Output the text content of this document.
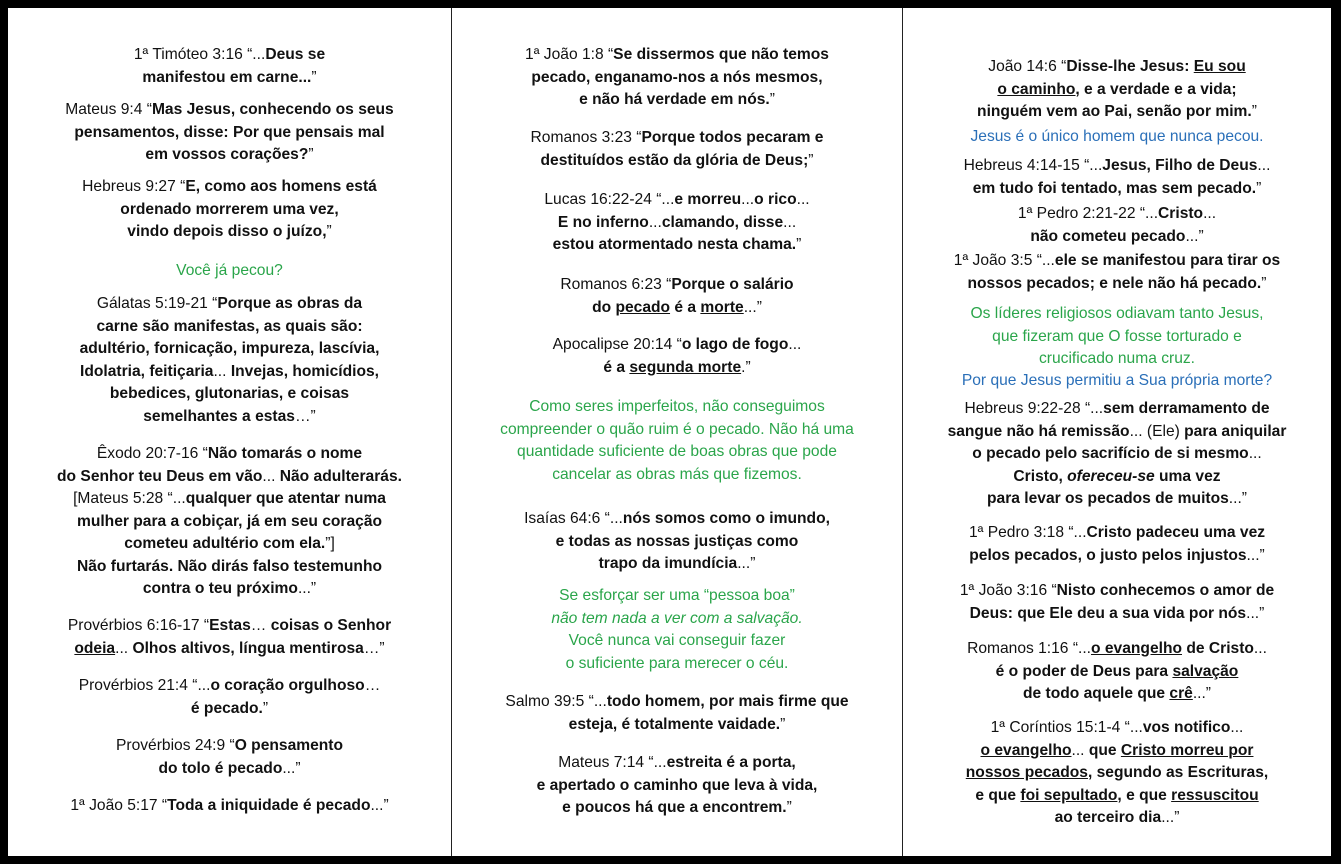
1ª Timóteo 3:16 “...Deus se
manifestou em carne...”
Mateus 9:4 “Mas Jesus, conhecendo os seus
pensamentos, disse: Por que pensais mal
em vossos corações?”
Hebreus 9:27 “E, como aos homens está
ordenado morrerem uma vez,
vindo depois disso o juízo,”
Você já pecou?
Gálatas 5:19-21 “Porque as obras da
carne são manifestas, as quais são:
adultério, fornicação, impureza, lascívia,
Idolatria, feitiçaria... Invejas, homicídios,
bebedices, glutonarias, e coisas
semelhantes a estas…”
Êxodo 20:7-16 “Não tomarás o nome
do Senhor teu Deus em vão... Não adulterarás.
[Mateus 5:28 “...qualquer que atentar numa
mulher para a cobiçar, já em seu coração
cometeu adultério com ela.”]
Não furtarás. Não dirás falso testemunho
contra o teu próximo...”
Provérbios 6:16-17 “Estas… coisas o Senhor
odeia... Olhos altivos, língua mentirosa…”
Provérbios 21:4 “...o coração orgulhoso…
é pecado.”
Provérbios 24:9 “O pensamento
do tolo é pecado...”
1ª João 5:17 “Toda a iniquidade é pecado...”
1ª João 1:8 “Se dissermos que não temos
pecado, enganamo-nos a nós mesmos,
e não há verdade em nós.”
Romanos 3:23 “Porque todos pecaram e
destituídos estão da glória de Deus;”
Lucas 16:22-24 “...e morreu...o rico...
E no inferno...clamando, disse...
estou atormentado nesta chama.”
Romanos 6:23 “Porque o salário
do pecado é a morte...”
Apocalipse 20:14 “o lago de fogo...
é a segunda morte.”
Como seres imperfeitos, não conseguimos
compreender o quão ruim é o pecado. Não há uma
quantidade suficiente de boas obras que pode
cancelar as obras más que fizemos.
Isaías 64:6 “...nós somos como o imundo,
e todas as nossas justiças como
trapo da imundícia...”
Se esforçar ser uma “pessoa boa”
não tem nada a ver com a salvação.
Você nunca vai conseguir fazer
o suficiente para merecer o céu.
Salmo 39:5 “...todo homem, por mais firme que
esteja, é totalmente vaidade.”
Mateus 7:14 “...estreita é a porta,
e apertado o caminho que leva à vida,
e poucos há que a encontrem.”
João 14:6 “Disse-lhe Jesus: Eu sou
o caminho, e a verdade e a vida;
ninguém vem ao Pai, senão por mim.”
Jesus é o único homem que nunca pecou.
Hebreus 4:14-15 “...Jesus, Filho de Deus...
em tudo foi tentado, mas sem pecado.”
1ª Pedro 2:21-22 “...Cristo...
não cometeu pecado...”
1ª João 3:5 “...ele se manifestou para tirar os
nossos pecados; e nele não há pecado.”
Os líderes religiosos odiavam tanto Jesus,
que fizeram que O fosse torturado e
crucificado numa cruz.
Por que Jesus permitiu a Sua própria morte?
Hebreus 9:22-28 “...sem derramamento de
sangue não há remissão... (Ele) para aniquilar
o pecado pelo sacrifício de si mesmo...
Cristo, ofereceu-se uma vez
para levar os pecados de muitos...”
1ª Pedro 3:18 “...Cristo padeceu uma vez
pelos pecados, o justo pelos injustos...”
1ª João 3:16 “Nisto conhecemos o amor de
Deus: que Ele deu a sua vida por nós...”
Romanos 1:16 “...o evangelho de Cristo...
é o poder de Deus para salvação
de todo aquele que crê...”
1ª Coríntios 15:1-4 “...vos notifico...
o evangelho... que Cristo morreu por
nossos pecados, segundo as Escrituras,
e que foi sepultado, e que ressuscitou
ao terceiro dia...”
